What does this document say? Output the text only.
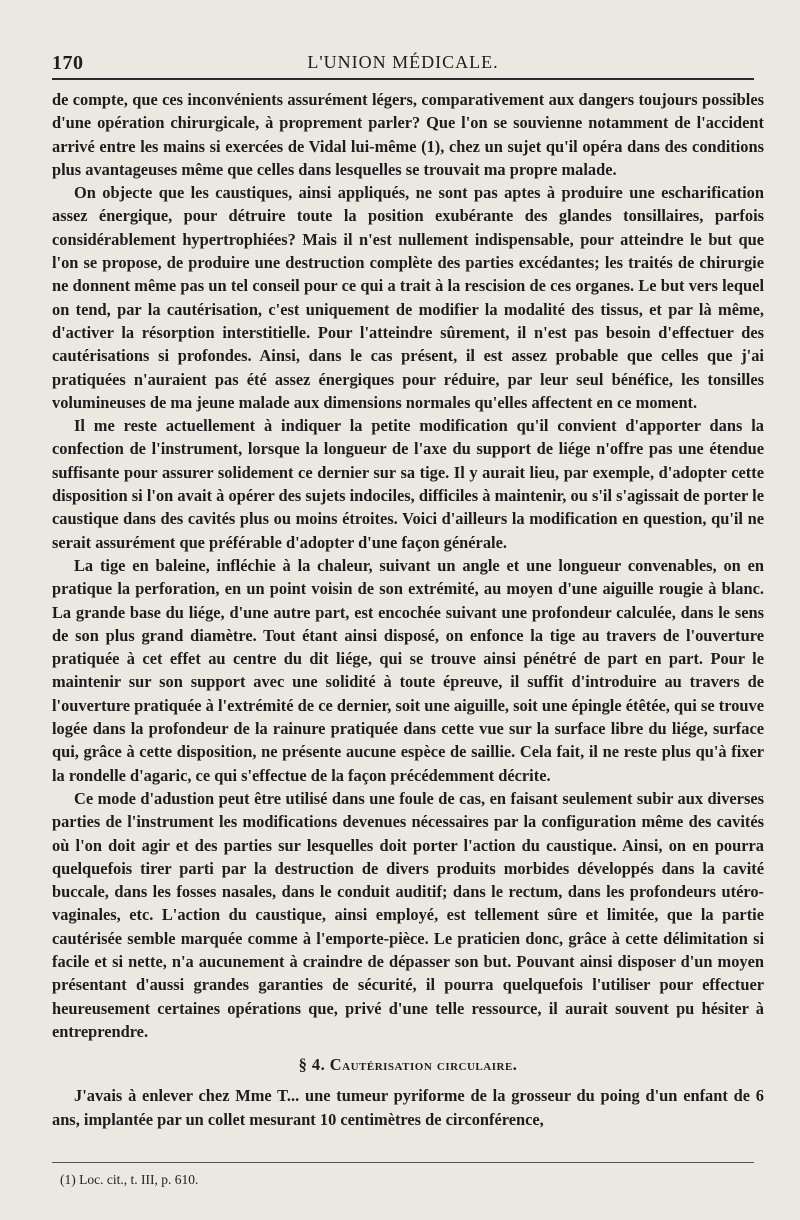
170	L'UNION MÉDICALE.

de compte, que ces inconvénients assurément légers, comparativement aux dangers toujours possibles d'une opération chirurgicale, à proprement parler? Que l'on se souvienne notamment de l'accident arrivé entre les mains si exercées de Vidal lui-même (1), chez un sujet qu'il opéra dans des conditions plus avantageuses même que celles dans lesquelles se trouvait ma propre malade.

On objecte que les caustiques, ainsi appliqués, ne sont pas aptes à produire une escharification assez énergique, pour détruire toute la position exubérante des glandes tonsillaires, parfois considérablement hypertrophiées? Mais il n'est nullement indispensable, pour atteindre le but que l'on se propose, de produire une destruction complète des parties excédantes; les traités de chirurgie ne donnent même pas un tel conseil pour ce qui a trait à la rescision de ces organes. Le but vers lequel on tend, par la cautérisation, c'est uniquement de modifier la modalité des tissus, et par là même, d'activer la résorption interstitielle. Pour l'atteindre sûrement, il n'est pas besoin d'effectuer des cautérisations si profondes. Ainsi, dans le cas présent, il est assez probable que celles que j'ai pratiquées n'auraient pas été assez énergiques pour réduire, par leur seul bénéfice, les tonsilles volumineuses de ma jeune malade aux dimensions normales qu'elles affectent en ce moment.

Il me reste actuellement à indiquer la petite modification qu'il convient d'apporter dans la confection de l'instrument, lorsque la longueur de l'axe du support de liége n'offre pas une étendue suffisante pour assurer solidement ce dernier sur sa tige. Il y aurait lieu, par exemple, d'adopter cette disposition si l'on avait à opérer des sujets indociles, difficiles à maintenir, ou s'il s'agissait de porter le caustique dans des cavités plus ou moins étroites. Voici d'ailleurs la modification en question, qu'il ne serait assurément que préférable d'adopter d'une façon générale.

La tige en baleine, infléchie à la chaleur, suivant un angle et une longueur convenables, on en pratique la perforation, en un point voisin de son extrémité, au moyen d'une aiguille rougie à blanc. La grande base du liége, d'une autre part, est encochée suivant une profondeur calculée, dans le sens de son plus grand diamètre. Tout étant ainsi disposé, on enfonce la tige au travers de l'ouverture pratiquée à cet effet au centre du dit liége, qui se trouve ainsi pénétré de part en part. Pour le maintenir sur son support avec une solidité à toute épreuve, il suffit d'introduire au travers de l'ouverture pratiquée à l'extrémité de ce dernier, soit une aiguille, soit une épingle étêtée, qui se trouve logée dans la profondeur de la rainure pratiquée dans cette vue sur la surface libre du liége, surface qui, grâce à cette disposition, ne présente aucune espèce de saillie. Cela fait, il ne reste plus qu'à fixer la rondelle d'agaric, ce qui s'effectue de la façon précédemment décrite.

Ce mode d'adustion peut être utilisé dans une foule de cas, en faisant seulement subir aux diverses parties de l'instrument les modifications devenues nécessaires par la configuration même des cavités où l'on doit agir et des parties sur lesquelles doit porter l'action du caustique. Ainsi, on en pourra quelquefois tirer parti par la destruction de divers produits morbides développés dans la cavité buccale, dans les fosses nasales, dans le conduit auditif; dans le rectum, dans les profondeurs utéro-vaginales, etc. L'action du caustique, ainsi employé, est tellement sûre et limitée, que la partie cautérisée semble marquée comme à l'emporte-pièce. Le praticien donc, grâce à cette délimitation si facile et si nette, n'a aucunement à craindre de dépasser son but. Pouvant ainsi disposer d'un moyen présentant d'aussi grandes garanties de sécurité, il pourra quelquefois l'utiliser pour effectuer heureusement certaines opérations que, privé d'une telle ressource, il aurait souvent pu hésiter à entreprendre.

§ 4. Cautérisation circulaire.

J'avais à enlever chez Mme T... une tumeur pyriforme de la grosseur du poing d'un enfant de 6 ans, implantée par un collet mesurant 10 centimètres de circonférence,

(1) Loc. cit., t. III, p. 610.
